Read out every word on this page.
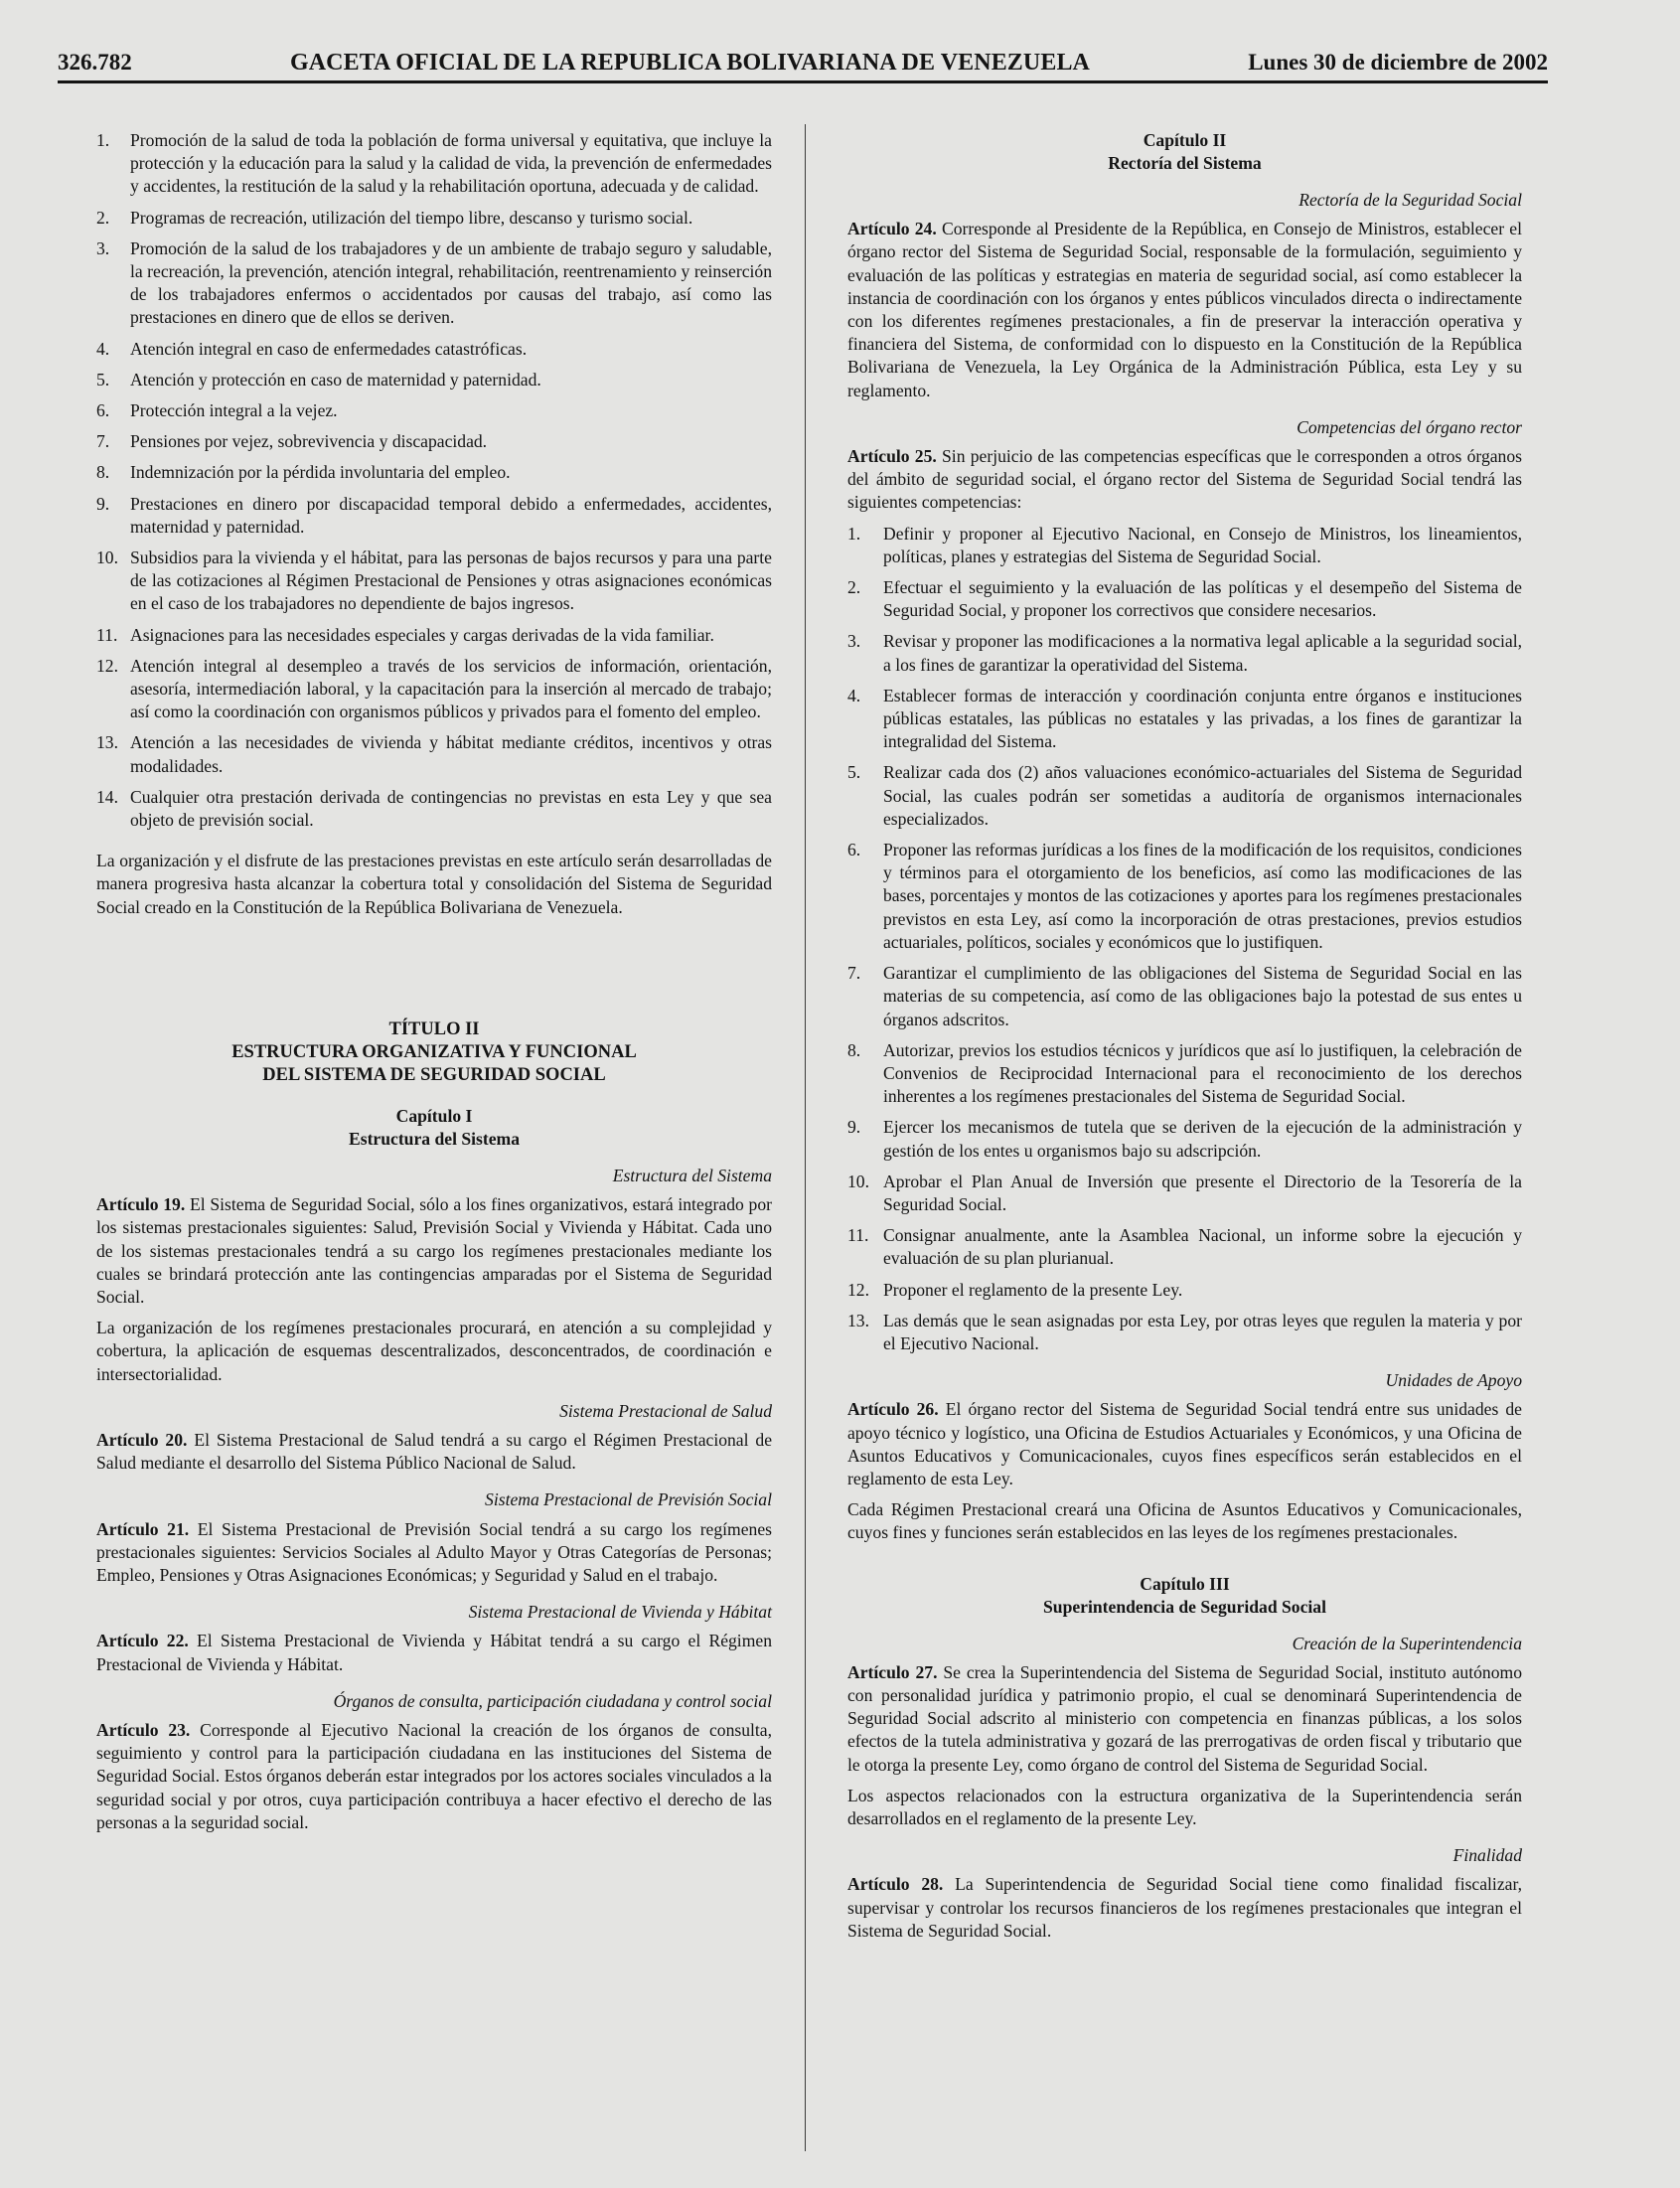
326.782	GACETA OFICIAL DE LA REPUBLICA BOLIVARIANA DE VENEZUELA	Lunes 30 de diciembre de 2002
1.	Promoción de la salud de toda la población de forma universal y equitativa, que incluye la protección y la educación para la salud y la calidad de vida, la prevención de enfermedades y accidentes, la restitución de la salud y la rehabilitación oportuna, adecuada y de calidad.
2.	Programas de recreación, utilización del tiempo libre, descanso y turismo social.
3.	Promoción de la salud de los trabajadores y de un ambiente de trabajo seguro y saludable, la recreación, la prevención, atención integral, rehabilitación, reentrenamiento y reinserción de los trabajadores enfermos o accidentados por causas del trabajo, así como las prestaciones en dinero que de ellos se deriven.
4.	Atención integral en caso de enfermedades catastróficas.
5.	Atención y protección en caso de maternidad y paternidad.
6.	Protección integral a la vejez.
7.	Pensiones por vejez, sobrevivencia y discapacidad.
8.	Indemnización por la pérdida involuntaria del empleo.
9.	Prestaciones en dinero por discapacidad temporal debido a enfermedades, accidentes, maternidad y paternidad.
10. Subsidios para la vivienda y el hábitat, para las personas de bajos recursos y para una parte de las cotizaciones al Régimen Prestacional de Pensiones y otras asignaciones económicas en el caso de los trabajadores no dependiente de bajos ingresos.
11. Asignaciones para las necesidades especiales y cargas derivadas de la vida familiar.
12. Atención integral al desempleo a través de los servicios de información, orientación, asesoría, intermediación laboral, y la capacitación para la inserción al mercado de trabajo; así como la coordinación con organismos públicos y privados para el fomento del empleo.
13. Atención a las necesidades de vivienda y hábitat mediante créditos, incentivos y otras modalidades.
14. Cualquier otra prestación derivada de contingencias no previstas en esta Ley y que sea objeto de previsión social.

La organización y el disfrute de las prestaciones previstas en este artículo serán desarrolladas de manera progresiva hasta alcanzar la cobertura total y consolidación del Sistema de Seguridad Social creado en la Constitución de la República Bolivariana de Venezuela.

TÍTULO II
ESTRUCTURA ORGANIZATIVA Y FUNCIONAL
DEL SISTEMA DE SEGURIDAD SOCIAL
Capítulo I
Estructura del Sistema
Estructura del Sistema

Artículo 19. El Sistema de Seguridad Social, sólo a los fines organizativos, estará integrado por los sistemas prestacionales siguientes: Salud, Previsión Social y Vivienda y Hábitat. Cada uno de los sistemas prestacionales tendrá a su cargo los regímenes prestacionales mediante los cuales se brindará protección ante las contingencias amparadas por el Sistema de Seguridad Social.

La organización de los regímenes prestacionales procurará, en atención a su complejidad y cobertura, la aplicación de esquemas descentralizados, desconcentrados, de coordinación e intersectorialidad.

Sistema Prestacional de Salud

Artículo 20. El Sistema Prestacional de Salud tendrá a su cargo el Régimen Prestacional de Salud mediante el desarrollo del Sistema Público Nacional de Salud.

Sistema Prestacional de Previsión Social

Artículo 21. El Sistema Prestacional de Previsión Social tendrá a su cargo los regímenes prestacionales siguientes: Servicios Sociales al Adulto Mayor y Otras Categorías de Personas; Empleo, Pensiones y Otras Asignaciones Económicas; y Seguridad y Salud en el trabajo.

Sistema Prestacional de Vivienda y Hábitat

Artículo 22. El Sistema Prestacional de Vivienda y Hábitat tendrá a su cargo el Régimen Prestacional de Vivienda y Hábitat.

Órganos de consulta, participación ciudadana y control social

Artículo 23. Corresponde al Ejecutivo Nacional la creación de los órganos de consulta, seguimiento y control para la participación ciudadana en las instituciones del Sistema de Seguridad Social. Estos órganos deberán estar integrados por los actores sociales vinculados a la seguridad social y por otros, cuya participación contribuya a hacer efectivo el derecho de las personas a la seguridad social.

Capítulo II
Rectoría del Sistema
Rectoría de la Seguridad Social

Artículo 24. Corresponde al Presidente de la República, en Consejo de Ministros, establecer el órgano rector del Sistema de Seguridad Social, responsable de la formulación, seguimiento y evaluación de las políticas y estrategias en materia de seguridad social, así como establecer la instancia de coordinación con los órganos y entes públicos vinculados directa o indirectamente con los diferentes regímenes prestacionales, a fin de preservar la interacción operativa y financiera del Sistema, de conformidad con lo dispuesto en la Constitución de la República Bolivariana de Venezuela, la Ley Orgánica de la Administración Pública, esta Ley y su reglamento.

Competencias del órgano rector

Artículo 25. Sin perjuicio de las competencias específicas que le corresponden a otros órganos del ámbito de seguridad social, el órgano rector del Sistema de Seguridad Social tendrá las siguientes competencias:

1.	Definir y proponer al Ejecutivo Nacional, en Consejo de Ministros, los lineamientos, políticas, planes y estrategias del Sistema de Seguridad Social.
2.	Efectuar el seguimiento y la evaluación de las políticas y el desempeño del Sistema de Seguridad Social, y proponer los correctivos que considere necesarios.
3.	Revisar y proponer las modificaciones a la normativa legal aplicable a la seguridad social, a los fines de garantizar la operatividad del Sistema.
4.	Establecer formas de interacción y coordinación conjunta entre órganos e instituciones públicas estatales, las públicas no estatales y las privadas, a los fines de garantizar la integralidad del Sistema.
5.	Realizar cada dos (2) años valuaciones económico-actuariales del Sistema de Seguridad Social, las cuales podrán ser sometidas a auditoría de organismos internacionales especializados.
6.	Proponer las reformas jurídicas a los fines de la modificación de los requisitos, condiciones y términos para el otorgamiento de los beneficios, así como las modificaciones de las bases, porcentajes y montos de las cotizaciones y aportes para los regímenes prestacionales previstos en esta Ley, así como la incorporación de otras prestaciones, previos estudios actuariales, políticos, sociales y económicos que lo justifiquen.
7.	Garantizar el cumplimiento de las obligaciones del Sistema de Seguridad Social en las materias de su competencia, así como de las obligaciones bajo la potestad de sus entes u órganos adscritos.
8.	Autorizar, previos los estudios técnicos y jurídicos que así lo justifiquen, la celebración de Convenios de Reciprocidad Internacional para el reconocimiento de los derechos inherentes a los regímenes prestacionales del Sistema de Seguridad Social.
9.	Ejercer los mecanismos de tutela que se deriven de la ejecución de la administración y gestión de los entes u organismos bajo su adscripción.
10. Aprobar el Plan Anual de Inversión que presente el Directorio de la Tesorería de la Seguridad Social.
11. Consignar anualmente, ante la Asamblea Nacional, un informe sobre la ejecución y evaluación de su plan plurianual.
12. Proponer el reglamento de la presente Ley.
13. Las demás que le sean asignadas por esta Ley, por otras leyes que regulen la materia y por el Ejecutivo Nacional.
Unidades de Apoyo

Artículo 26. El órgano rector del Sistema de Seguridad Social tendrá entre sus unidades de apoyo técnico y logístico, una Oficina de Estudios Actuariales y Económicos, y una Oficina de Asuntos Educativos y Comunicacionales, cuyos fines específicos serán establecidos en el reglamento de esta Ley.

Cada Régimen Prestacional creará una Oficina de Asuntos Educativos y Comunicacionales, cuyos fines y funciones serán establecidos en las leyes de los regímenes prestacionales.

Capítulo III
Superintendencia de Seguridad Social
Creación de la Superintendencia

Artículo 27. Se crea la Superintendencia del Sistema de Seguridad Social, instituto autónomo con personalidad jurídica y patrimonio propio, el cual se denominará Superintendencia de Seguridad Social adscrito al ministerio con competencia en finanzas públicas, a los solos efectos de la tutela administrativa y gozará de las prerrogativas de orden fiscal y tributario que le otorga la presente Ley, como órgano de control del Sistema de Seguridad Social.

Los aspectos relacionados con la estructura organizativa de la Superintendencia serán desarrollados en el reglamento de la presente Ley.

Finalidad

Artículo 28. La Superintendencia de Seguridad Social tiene como finalidad fiscalizar, supervisar y controlar los recursos financieros de los regímenes prestacionales que integran el Sistema de Seguridad Social.
